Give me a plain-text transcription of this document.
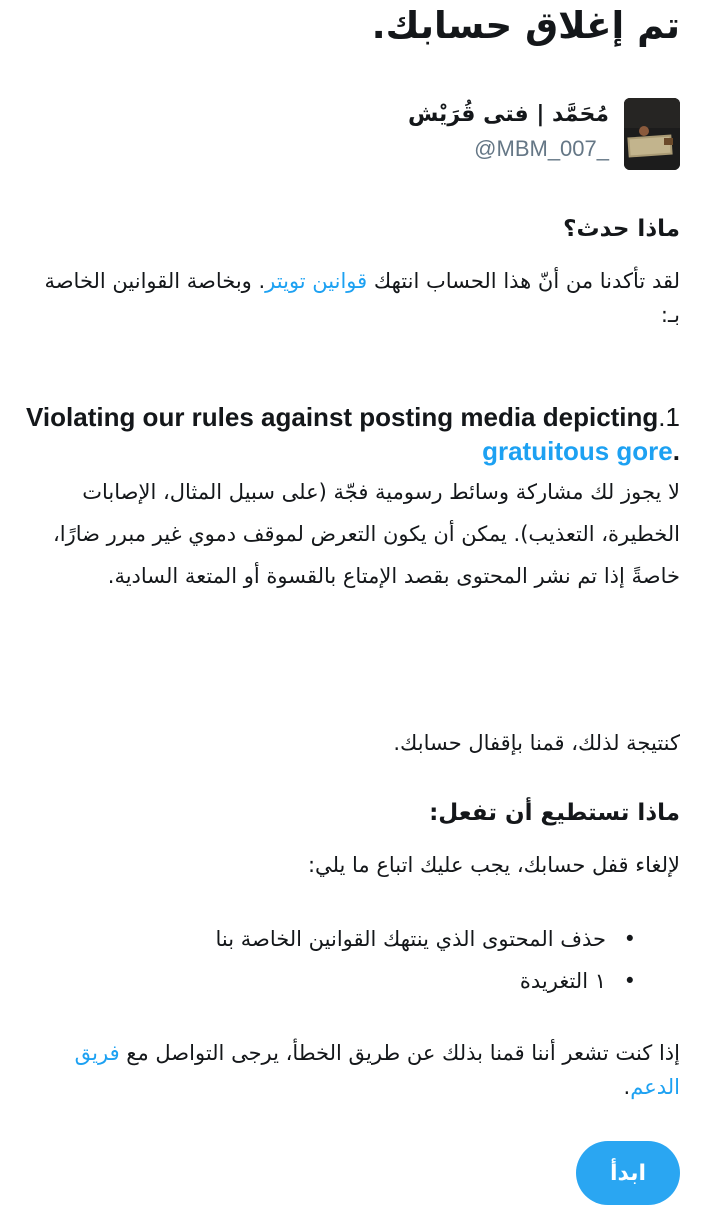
تم إغلاق حسابك.
مُحَمَّد | فتى قُرَيْش
@MBM_007_
ماذا حدث؟
لقد تأكدنا من أنّ هذا الحساب انتهك قوانين تويتر. وبخاصة القوانين الخاصة بـ:
1.Violating our rules against posting media depicting gratuitous gore.
لا يجوز لك مشاركة وسائط رسومية فجّة (على سبيل المثال، الإصابات الخطيرة، التعذيب). يمكن أن يكون التعرض لموقف دموي غير مبرر ضارًا، خاصةً إذا تم نشر المحتوى بقصد الإمتاع بالقسوة أو المتعة السادية.
كنتيجة لذلك، قمنا بإقفال حسابك.
ماذا تستطيع أن تفعل:
لإلغاء قفل حسابك، يجب عليك اتباع ما يلي:
• حذف المحتوى الذي ينتهك القوانين الخاصة بنا
• ١ التغريدة
إذا كنت تشعر أننا قمنا بذلك عن طريق الخطأ، يرجى التواصل مع فريق الدعم.
ابدأ
